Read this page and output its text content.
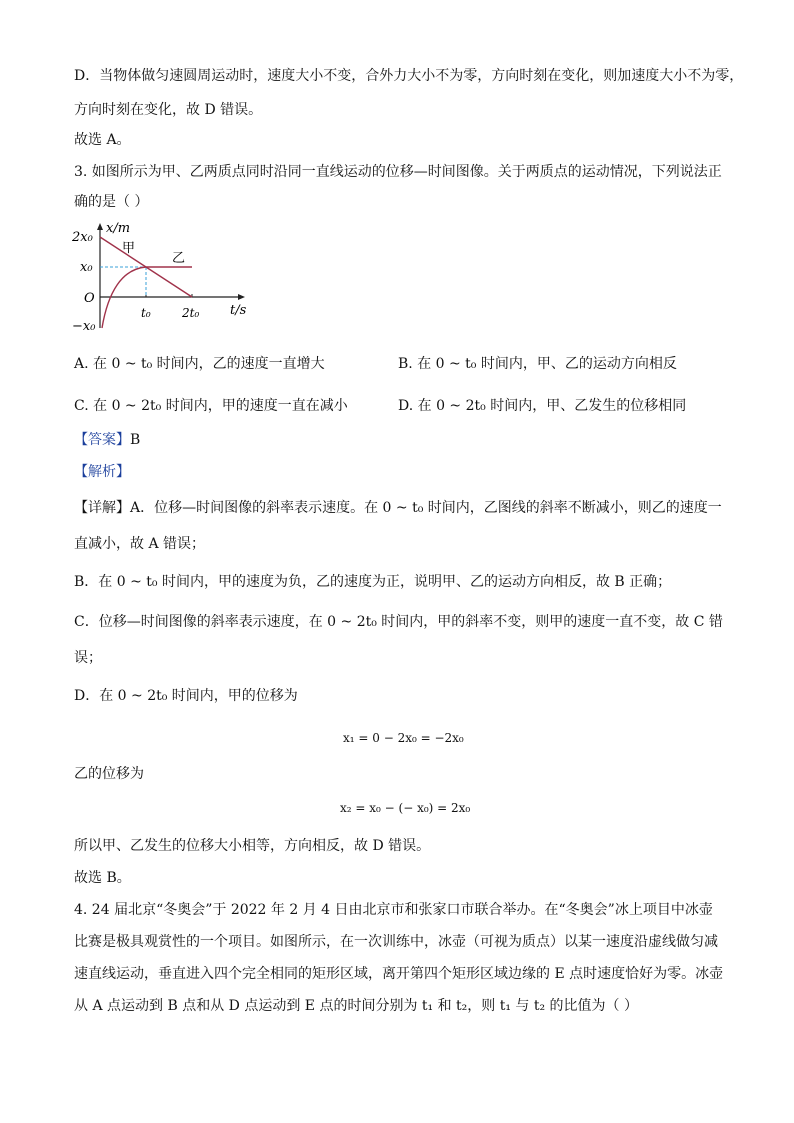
D．当物体做匀速圆周运动时，速度大小不变，合外力大小不为零，方向时刻在变化，则加速度大小不为零，
方向时刻在变化，故 D 错误。
故选 A。
3. 如图所示为甲、乙两质点同时沿同一直线运动的位移—时间图像。关于两质点的运动情况，下列说法正
确的是（ ）
2x₀
x₀
−x₀
O
x/m
t/s
t₀	2t₀
甲
乙
A. 在 0 ~ t₀ 时间内，乙的速度一直增大	B. 在 0 ~ t₀ 时间内，甲、乙的运动方向相反
C. 在 0 ~ 2t₀ 时间内，甲的速度一直在减小	D. 在 0 ~ 2t₀ 时间内，甲、乙发生的位移相同
【答案】B
【解析】
【详解】A．位移—时间图像的斜率表示速度。在 0 ~ t₀ 时间内，乙图线的斜率不断减小，则乙的速度一
直减小，故 A 错误；
B．在 0 ~ t₀ 时间内，甲的速度为负，乙的速度为正，说明甲、乙的运动方向相反，故 B 正确；
C．位移—时间图像的斜率表示速度，在 0 ~ 2t₀ 时间内，甲的斜率不变，则甲的速度一直不变，故 C 错
误；
D．在 0 ~ 2t₀ 时间内，甲的位移为
x₁ = 0 − 2x₀ = −2x₀
乙的位移为
x₂ = x₀ − (− x₀) = 2x₀
所以甲、乙发生的位移大小相等，方向相反，故 D 错误。
故选 B。
4. 24 届北京“冬奥会”于 2022 年 2 月 4 日由北京市和张家口市联合举办。在“冬奥会”冰上项目中冰壶
比赛是极具观赏性的一个项目。如图所示，在一次训练中，冰壶（可视为质点）以某一速度沿虚线做匀减
速直线运动，垂直进入四个完全相同的矩形区域，离开第四个矩形区域边缘的 E 点时速度恰好为零。冰壶
从 A 点运动到 B 点和从 D 点运动到 E 点的时间分别为 t₁ 和 t₂，则 t₁ 与 t₂ 的比值为（ ）
